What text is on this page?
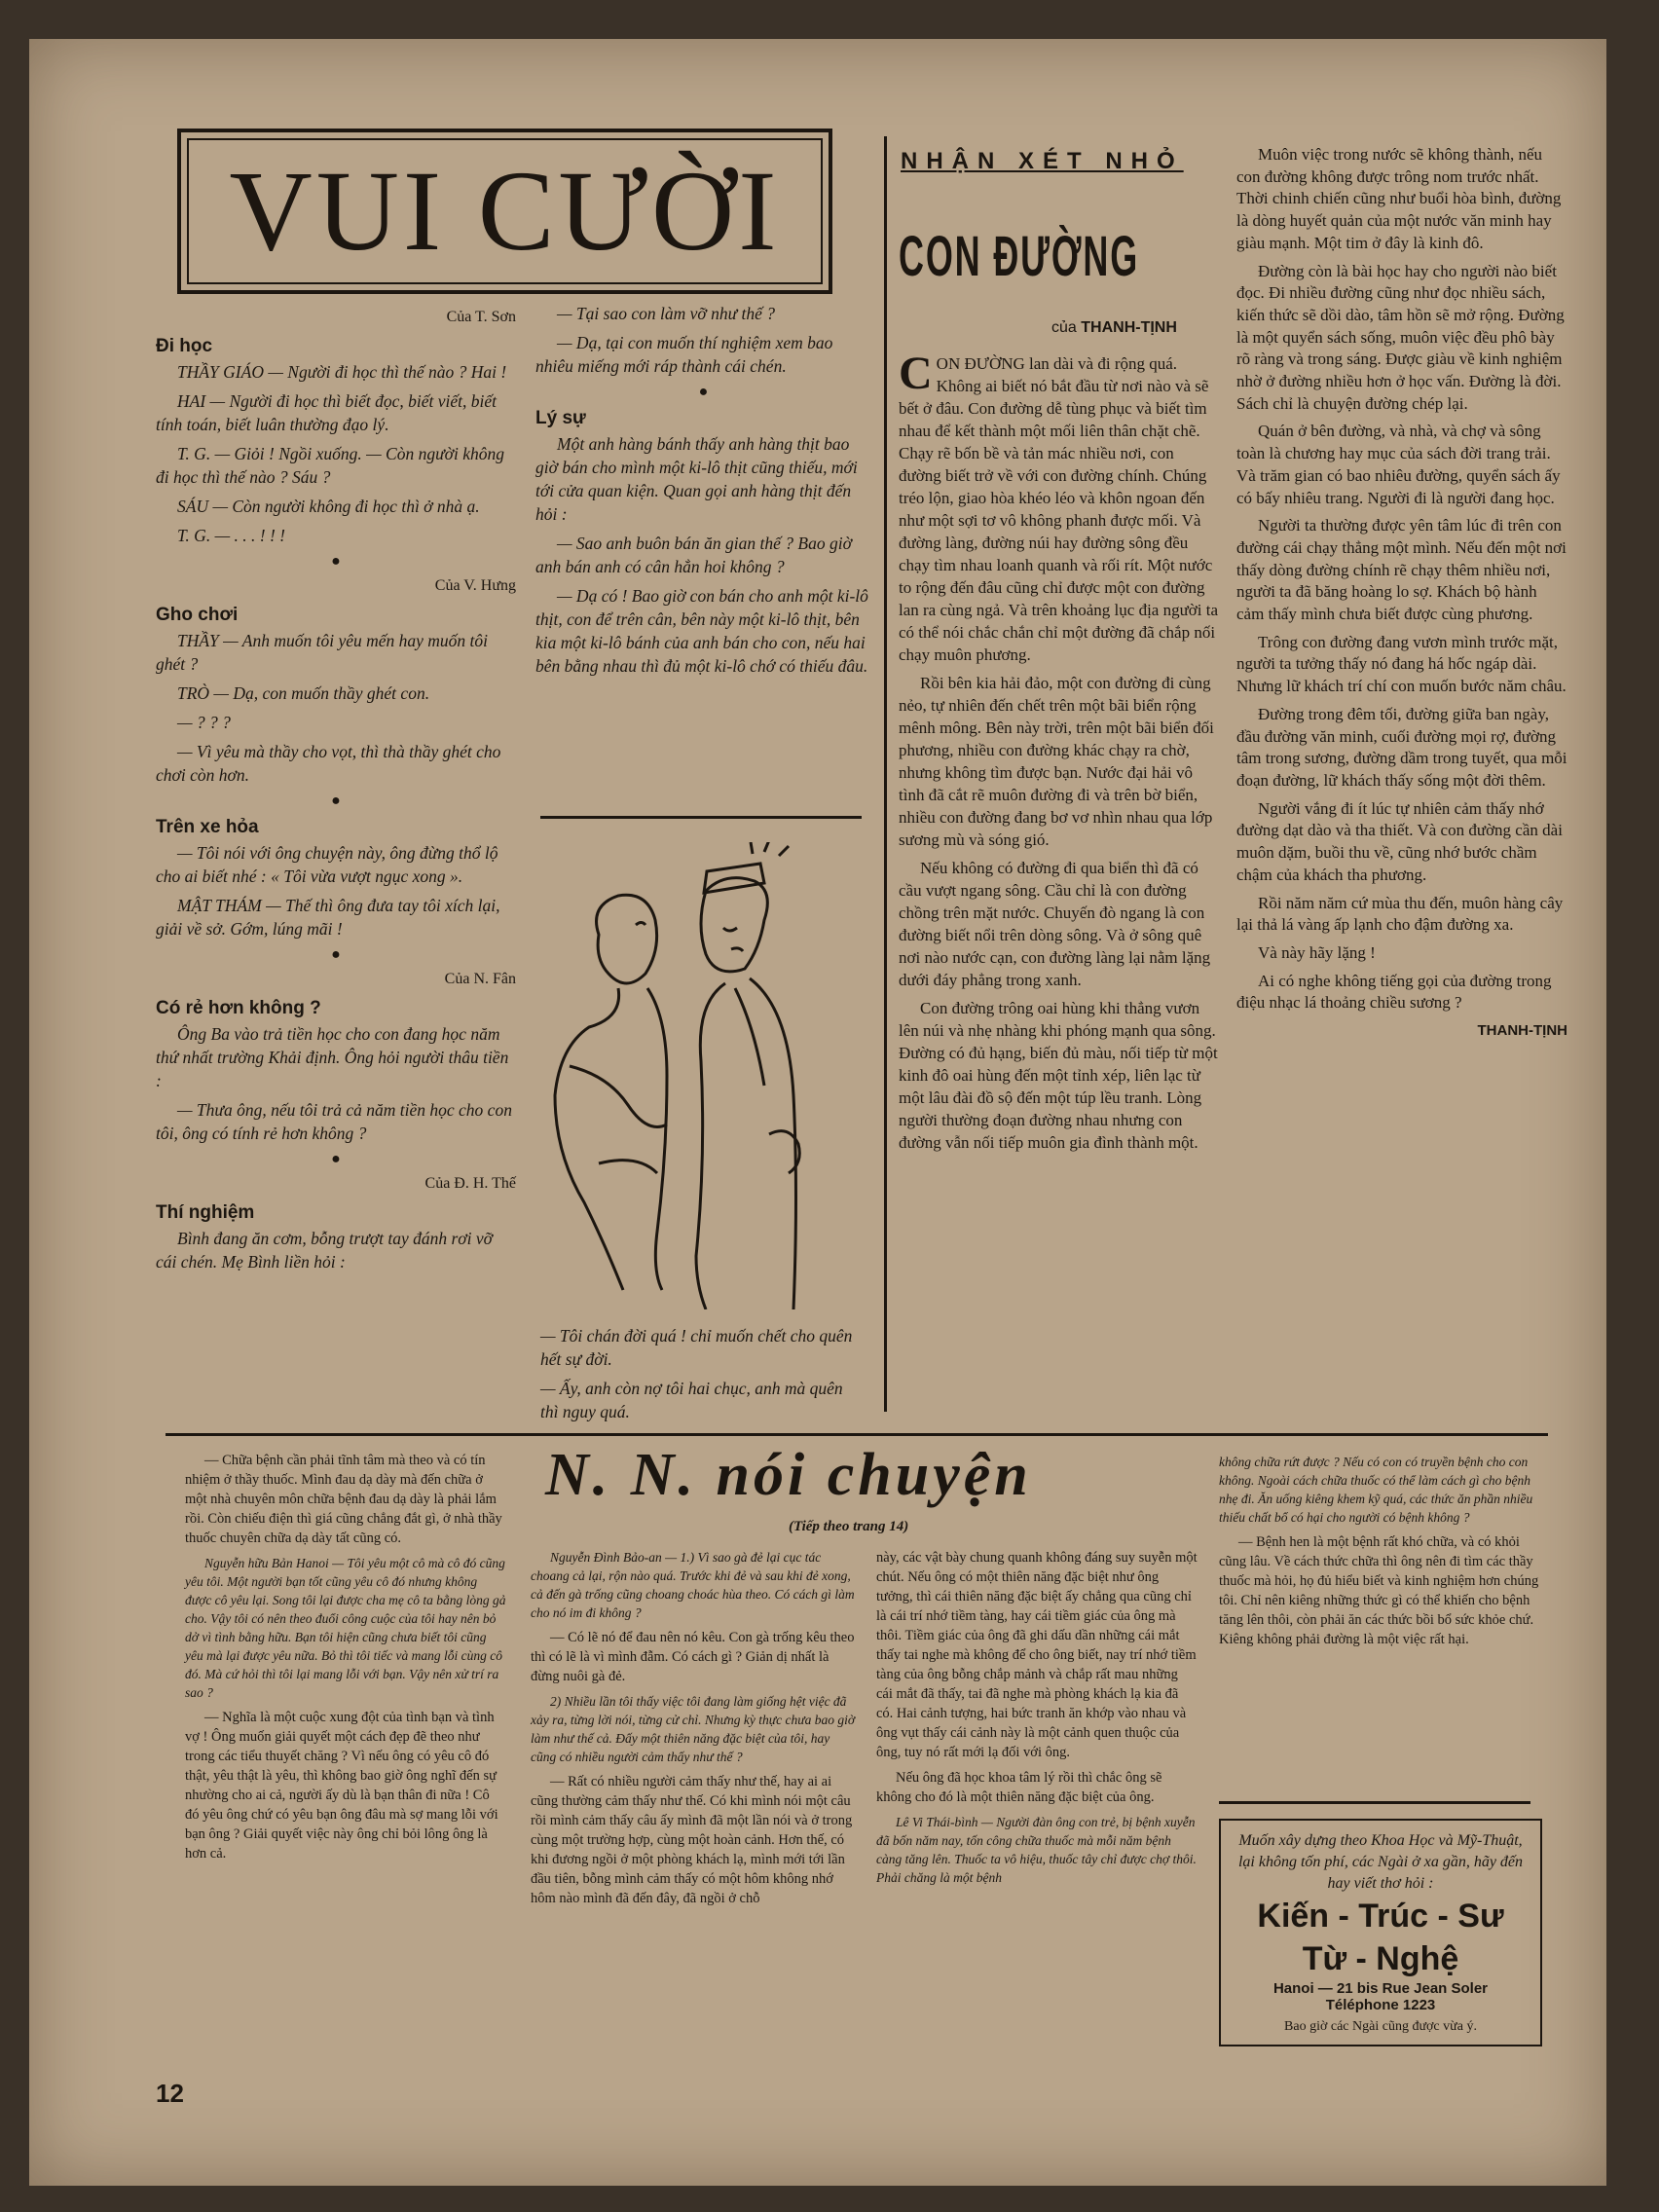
VUI CƯỜI
Của T. Sơn
Đi học

THẦY GIÁO — Người đi học thì thế nào ? Hai !

HAI — Người đi học thì biết đọc, biết viết, biết tính toán, biết luân thường đạo lý.

T. G. — Giỏi ! Ngồi xuống. — Còn người không đi học thì thế nào ? Sáu ?

SÁU — Còn người không đi học thì ở nhà ạ.

T. G. — . . . ! ! !

●
Của V. Hưng
Gho chơi

THẦY — Anh muốn tôi yêu mến hay muốn tôi ghét ?

TRÒ — Dạ, con muốn thầy ghét con.

— ? ? ?

— Vì yêu mà thầy cho vọt, thì thà thầy ghét cho chơi còn hơn.

●
Trên xe hỏa

— Tôi nói với ông chuyện này, ông đừng thổ lộ cho ai biết nhé : « Tôi vừa vượt ngục xong ».

MẬT THÁM — Thế thì ông đưa tay tôi xích lại, giải về sở. Gớm, lúng mãi !

●
Của N. Fân
Có rẻ hơn không ?

Ông Ba vào trả tiền học cho con đang học năm thứ nhất trường Khải định. Ông hỏi người thâu tiền :

— Thưa ông, nếu tôi trả cả năm tiền học cho con tôi, ông có tính rẻ hơn không ?

●
Của Đ. H. Thế
Thí nghiệm

Bình đang ăn cơm, bỗng trượt tay đánh rơi vỡ cái chén. Mẹ Bình liền hỏi :

— Tại sao con làm vỡ như thế ?

— Dạ, tại con muốn thí nghiệm xem bao nhiêu miếng mới ráp thành cái chén.

●
Lý sự

Một anh hàng bánh thấy anh hàng thịt bao giờ bán cho mình một ki-lô thịt cũng thiếu, mới tới cửa quan kiện. Quan gọi anh hàng thịt đến hỏi :

— Sao anh buôn bán ăn gian thế ? Bao giờ anh bán anh có cân hẳn hoi không ?

— Dạ có ! Bao giờ con bán cho anh một ki-lô thịt, con để trên cân, bên này một ki-lô thịt, bên kia một ki-lô bánh của anh bán cho con, nếu hai bên bằng nhau thì đủ một ki-lô chớ có thiếu đâu.

— Tôi chán đời quá ! chỉ muốn chết cho quên hết sự đời.

— Ấy, anh còn nợ tôi hai chục, anh mà quên thì nguy quá.

NHẬN XÉT NHỎ
CON ĐƯỜNG
của THANH-TỊNH

CON ĐƯỜNG lan dài và đi rộng quá. Không ai biết nó bắt đầu từ nơi nào và sẽ bết ở đâu. Con đường dễ tùng phục và biết tìm nhau để kết thành một mối liên thân chặt chẽ. Chạy rẽ bốn bề và tản mác nhiều nơi, con đường biết trở về với con đường chính. Chúng tréo lộn, giao hòa khéo léo và khôn ngoan đến như một sợi tơ vô không phanh được mối. Và đường làng, đường núi hay đường sông đều chạy tìm nhau loanh quanh và rối rít. Một nước to rộng đến đâu cũng chỉ được một con đường lan ra cùng ngả. Và trên khoảng lục địa người ta có thể nói chắc chắn chỉ một đường đã chắp nối chạy muôn phương.

Rồi bên kia hải đảo, một con đường đi cùng nẻo, tự nhiên đến chết trên một bãi biển rộng mênh mông. Bên này trời, trên một bãi biển đối phương, nhiều con đường khác chạy ra chờ, nhưng không tìm được bạn. Nước đại hải vô tình đã cắt rẽ muôn đường đi và trên bờ biển, nhiều con đường đang bơ vơ nhìn nhau qua lớp sương mù và sóng gió.

Nếu không có đường đi qua biển thì đã có cầu vượt ngang sông. Cầu chỉ là con đường chồng trên mặt nước. Chuyến đò ngang là con đường biết nổi trên dòng sông. Và ở sông quê nơi nào nước cạn, con đường làng lại nằm lặng dưới đáy phẳng trong xanh.

Con đường trông oai hùng khi thẳng vươn lên núi và nhẹ nhàng khi phóng mạnh qua sông. Đường có đủ hạng, biến đủ màu, nối tiếp từ một kinh đô oai hùng đến một tỉnh xép, liên lạc từ một lâu đài đồ sộ đến một túp lều tranh. Lòng người thường đoạn đường nhau nhưng con đường vẫn nối tiếp muôn gia đình thành một.

Muôn việc trong nước sẽ không thành, nếu con đường không được trông nom trước nhất. Thời chinh chiến cũng như buổi hòa bình, đường là dòng huyết quản của một nước văn minh hay giàu mạnh. Một tim ở đây là kinh đô.

Đường còn là bài học hay cho người nào biết đọc. Đi nhiều đường cũng như đọc nhiều sách, kiến thức sẽ dồi dào, tâm hồn sẽ mở rộng. Đường là một quyển sách sống, muôn việc đều phô bày rõ ràng và trong sáng. Được giàu về kinh nghiệm nhờ ở đường nhiều hơn ở học vấn. Đường là đời. Sách chỉ là chuyện đường chép lại.

Quán ở bên đường, và nhà, và chợ và sông toàn là chương hay mục của sách đời trang trải. Và trăm gian có bao nhiêu đường, quyển sách ấy có bấy nhiêu trang. Người đi là người đang học.

Người ta thường được yên tâm lúc đi trên con đường cái chạy thẳng một mình. Nếu đến một nơi thấy dòng đường chính rẽ chạy thêm nhiều nơi, người ta đã băng hoàng lo sợ. Khách bộ hành cảm thấy mình chưa biết được cùng phương.

Trông con đường đang vươn mình trước mặt, người ta tưởng thấy nó đang há hốc ngáp dài. Nhưng lữ khách trí chí con muốn bước năm châu.

Đường trong đêm tối, đường giữa ban ngày, đầu đường văn minh, cuối đường mọi rợ, đường tâm trong sương, đường dầm trong tuyết, qua mỗi đoạn đường, lữ khách thấy sống một đời thêm.

Người vắng đi ít lúc tự nhiên cảm thấy nhớ đường dạt dào và tha thiết. Và con đường cần dài muôn dặm, buồi thu về, cũng nhớ bước chầm chậm của khách tha phương.

Rồi năm năm cứ mùa thu đến, muôn hàng cây lại thả lá vàng ấp lạnh cho đậm đường xa.

Và này hãy lặng !

Ai có nghe không tiếng gọi của đường trong điệu nhạc lá thoảng chiều sương ?

THANH-TỊNH
N. N. nói chuyện
(Tiếp theo trang 14)

— Chữa bệnh cần phải tĩnh tâm mà theo và có tín nhiệm ở thầy thuốc. Mình đau dạ dày mà đến chữa ở một nhà chuyên môn chữa bệnh đau dạ dày là phải lắm rồi. Còn chiếu điện thì giá cũng chẳng đắt gì, ở nhà thầy thuốc chuyên chữa dạ dày tất cũng có.

Nguyễn hữu Bản Hanoi — Tôi yêu một cô mà cô đó cũng yêu tôi. Một người bạn tốt cũng yêu cô đó nhưng không được cô yêu lại. Song tôi lại được cha mẹ cô ta bằng lòng gả cho. Vậy tôi có nên theo đuổi công cuộc của tôi hay nên bỏ dở vì tình bằng hữu. Bạn tôi hiện cũng chưa biết tôi cũng yêu mà lại được yêu nữa. Bỏ thì tôi tiếc và mang lỗi cùng cô đó. Mà cứ hỏi thì tôi lại mang lỗi với bạn. Vậy nên xử trí ra sao ?

— Nghĩa là một cuộc xung đột của tình bạn và tình vợ ! Ông muốn giải quyết một cách đẹp đẽ theo như trong các tiểu thuyết chăng ? Vì nếu ông có yêu cô đó thật, yêu thật là yêu, thì không bao giờ ông nghĩ đến sự nhường cho ai cả, người ấy dù là bạn thân đi nữa ! Cô đó yêu ông chứ có yêu bạn ông đâu mà sợ mang lỗi với bạn ông ? Giải quyết việc này ông chỉ bỏi lông ông là hơn cả.

Nguyễn Đình Bảo-an — 1.) Vì sao gà đẻ lại cục tác choang cả lại, rộn nào quá. Trước khi đẻ và sau khi đẻ xong, cả đến gà trống cũng choang choác hùa theo. Có cách gì làm cho nó im đi không ?

— Có lẽ nó để đau nên nó kêu. Con gà trống kêu theo thì có lẽ là vì mình đẫm. Có cách gì ? Giản dị nhất là đừng nuôi gà đẻ.

2) Nhiều lần tôi thấy việc tôi đang làm giống hệt việc đã xảy ra, từng lời nói, từng cử chỉ. Nhưng kỳ thực chưa bao giờ làm như thế cả. Đấy một thiên năng đặc biệt của tôi, hay cũng có nhiều người cảm thấy như thế ?

— Rất có nhiều người cảm thấy như thế, hay ai ai cũng thường cảm thấy như thế. Có khi mình nói một câu rồi mình cảm thấy câu ấy mình đã một lần nói và ở trong cùng một trường hợp, cùng một hoàn cảnh. Hơn thế, có khi đương ngồi ở một phòng khách lạ, mình mới tới lần đầu tiên, bỗng mình cảm thấy có một hôm không nhớ hôm nào mình đã đến đây, đã ngồi ở chỗ

này, các vật bày chung quanh không đáng suy suyễn một chút. Nếu ông có một thiên năng đặc biệt như ông tưởng, thì cái thiên năng đặc biệt ấy chẳng qua cũng chỉ là cái trí nhớ tiềm tàng, hay cái tiềm giác của ông mà thôi. Tiềm giác của ông đã ghi dấu dần những cái mắt thấy tai nghe mà không để cho ông biết, nay trí nhớ tiềm tàng của ông bỗng chắp mảnh và chắp rất mau những cái mắt đã thấy, tai đã nghe mà phòng khách lạ kia đã có. Hai cảnh tượng, hai bức tranh ăn khớp vào nhau và ông vụt thấy cái cảnh này là một cảnh quen thuộc của ông, tuy nó rất mới lạ đối với ông.

Nếu ông đã học khoa tâm lý rồi thì chắc ông sẽ không cho đó là một thiên năng đặc biệt của ông.

Lê Vi Thái-bình — Người đàn ông con trẻ, bị bệnh xuyễn đã bốn năm nay, tốn công chữa thuốc mà mỗi năm bệnh càng tăng lên. Thuốc ta vô hiệu, thuốc tây chỉ được chợ thôi. Phải chăng là một bệnh

không chữa rứt được ? Nếu có con có truyền bệnh cho con không. Ngoài cách chữa thuốc có thể làm cách gì cho bệnh nhẹ đi. Ăn uống kiêng khem kỹ quá, các thức ăn phần nhiều thiếu chất bổ có hại cho người có bệnh không ?

— Bệnh hen là một bệnh rất khó chữa, và có khỏi cũng lâu. Về cách thức chữa thì ông nên đi tìm các thầy thuốc mà hỏi, họ đủ hiểu biết và kinh nghiệm hơn chúng tôi. Chỉ nên kiêng những thức gì có thể khiến cho bệnh tăng lên thôi, còn phải ăn các thức bồi bổ sức khỏe chứ. Kiêng không phải đường là một việc rất hại.

Muốn xây dựng theo Khoa Học và Mỹ-Thuật, lại không tốn phí, các Ngài ở xa gần, hãy đến hay viết thơ hỏi :
Kiến - Trúc - Sư
Từ - Nghệ
Hanoi — 21 bis Rue Jean Soler
Téléphone 1223
Bao giờ các Ngài cũng được vừa ý.
12
